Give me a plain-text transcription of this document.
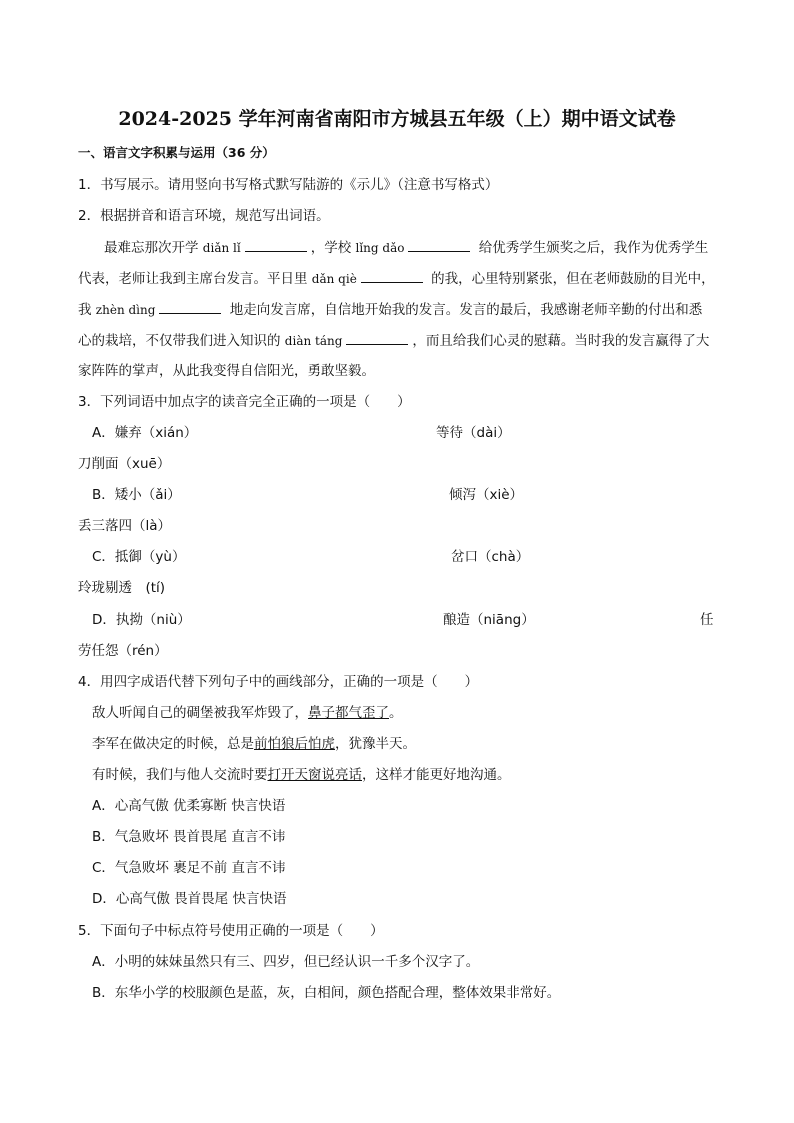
2024-2025 学年河南省南阳市方城县五年级（上）期中语文试卷
一、语言文字积累与运用（36 分）
1．书写展示。请用竖向书写格式默写陆游的《示儿》（注意书写格式）
2．根据拼音和语言环境，规范写出词语。
最难忘那次开学 diǎn lǐ	，学校 lǐng dǎo	给优秀学生颁奖之后，我作为优秀学生
代表，老师让我到主席台发言。平日里 dǎn qiè	的我，心里特别紧张，但在老师鼓励的目光中，
我 zhèn dìng	地走向发言席，自信地开始我的发言。发言的最后，我感谢老师辛勤的付出和悉
心的栽培，不仅带我们进入知识的 diàn táng	，而且给我们心灵的慰藉。当时我的发言赢得了大
家阵阵的掌声，从此我变得自信阳光，勇敢坚毅。
3．下列词语中加点字的读音完全正确的一项是（　　）
A．嫌弃（xián）	等待（dài）
刀削面（xuē）
B．矮小（ǎi）	倾泻（xiè）
丢三落四（là）
C．抵御（yù）	岔口（chà）
玲珑剔透　(tí)
D．执拗（niù）	酿造（niāng）	任
劳任怨（rén）
4．用四字成语代替下列句子中的画线部分，正确的一项是（　　）
敌人听闻自己的碉堡被我军炸毁了，鼻子都气歪了。
李军在做决定的时候，总是前怕狼后怕虎，犹豫半天。
有时候，我们与他人交流时要打开天窗说亮话，这样才能更好地沟通。
A．心高气傲 优柔寡断 快言快语
B．气急败坏 畏首畏尾 直言不讳
C．气急败坏 裹足不前 直言不讳
D．心高气傲 畏首畏尾 快言快语
5．下面句子中标点符号使用正确的一项是（　　）
A．小明的妹妹虽然只有三、四岁，但已经认识一千多个汉字了。
B．东华小学的校服颜色是蓝，灰，白相间，颜色搭配合理，整体效果非常好。
